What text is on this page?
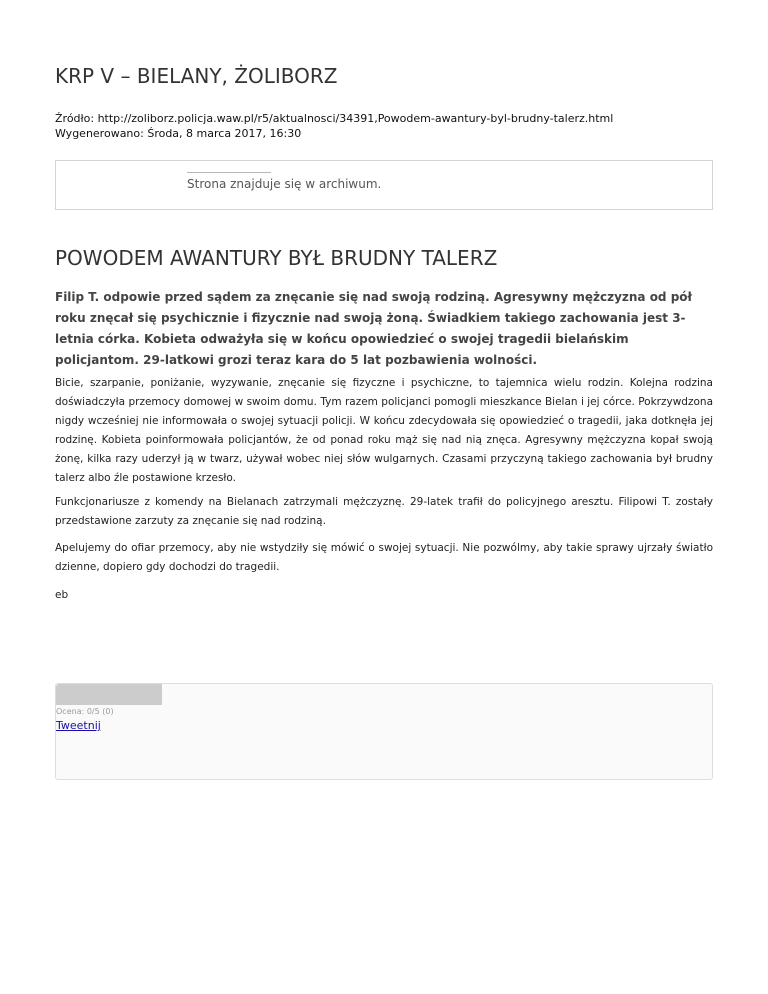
KRP V – BIELANY, ŻOLIBORZ
Źródło: http://zoliborz.policja.waw.pl/r5/aktualnosci/34391,Powodem-awantury-byl-brudny-talerz.html
Wygenerowano: Środa, 8 marca 2017, 16:30
Strona znajduje się w archiwum.
POWODEM AWANTURY BYŁ BRUDNY TALERZ

Filip T. odpowie przed sądem za znęcanie się nad swoją rodziną. Agresywny mężczyzna od pół roku znęcał się psychicznie i fizycznie nad swoją żoną. Świadkiem takiego zachowania jest 3-letnia córka. Kobieta odważyła się w końcu opowiedzieć o swojej tragedii bielańskim policjantom. 29-latkowi grozi teraz kara do 5 lat pozbawienia wolności.

Bicie, szarpanie, poniżanie, wyzywanie, znęcanie się fizyczne i psychiczne, to tajemnica wielu rodzin. Kolejna rodzina doświadczyła przemocy domowej w swoim domu. Tym razem policjanci pomogli mieszkance Bielan i jej córce. Pokrzywdzona nigdy wcześniej nie informowała o swojej sytuacji policji. W końcu zdecydowała się opowiedzieć o tragedii, jaka dotknęła jej rodzinę. Kobieta poinformowała policjantów, że od ponad roku mąż się nad nią znęca. Agresywny mężczyzna kopał swoją żonę, kilka razy uderzył ją w twarz, używał wobec niej słów wulgarnych. Czasami przyczyną takiego zachowania był brudny talerz albo źle postawione krzesło.

Funkcjonariusze z komendy na Bielanach zatrzymali mężczyznę. 29-latek trafił do policyjnego aresztu. Filipowi T. zostały przedstawione zarzuty za znęcanie się nad rodziną.

Apelujemy do ofiar przemocy, aby nie wstydziły się mówić o swojej sytuacji. Nie pozwólmy, aby takie sprawy ujrzały światło dzienne, dopiero gdy dochodzi do tragedii.

eb

Ocena: 0/5 (0)
Tweetnij
